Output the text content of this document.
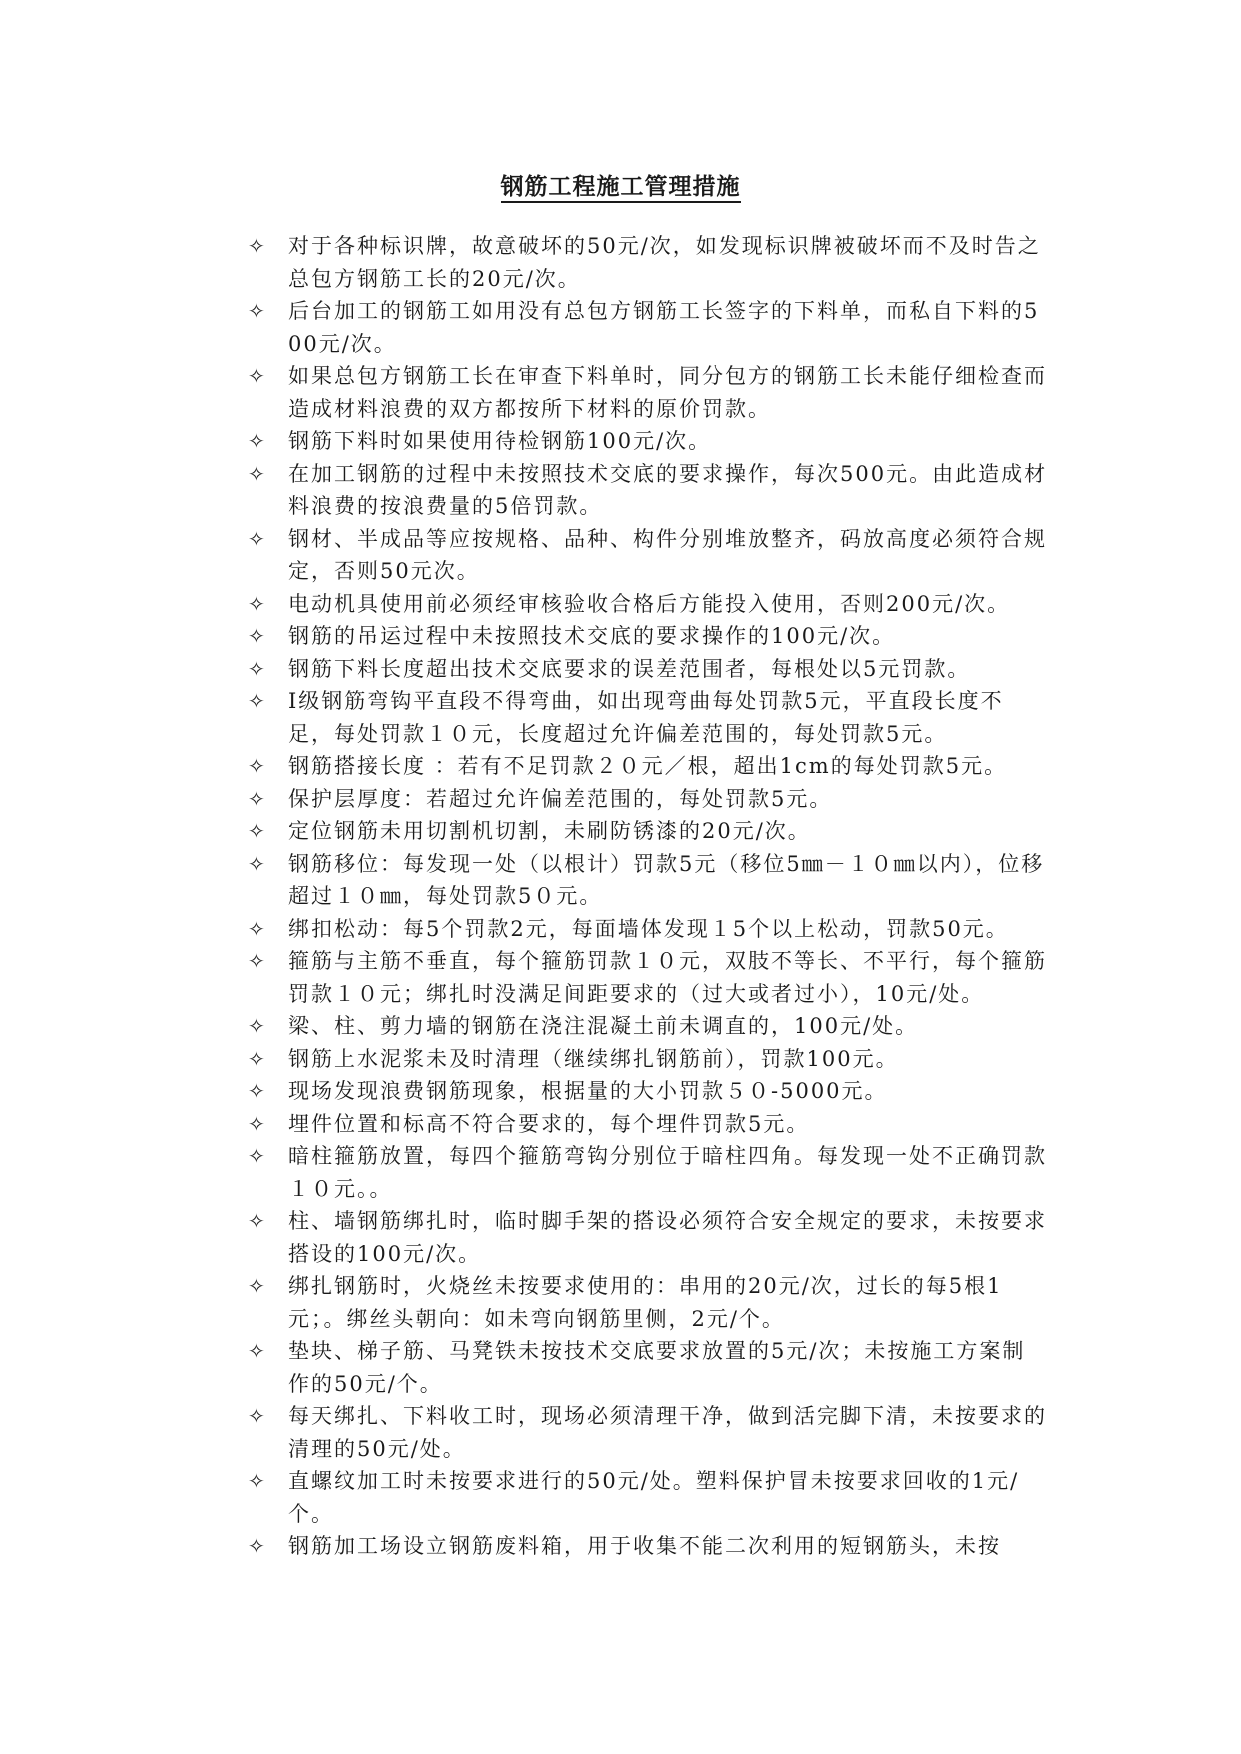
钢筋工程施工管理措施
✧ 对于各种标识牌，故意破坏的50元/次，如发现标识牌被破坏而不及时告之总包方钢筋工长的20元/次。
✧ 后台加工的钢筋工如用没有总包方钢筋工长签字的下料单，而私自下料的500元/次。
✧ 如果总包方钢筋工长在审查下料单时，同分包方的钢筋工长未能仔细检查而造成材料浪费的双方都按所下材料的原价罚款。
✧ 钢筋下料时如果使用待检钢筋100元/次。
✧ 在加工钢筋的过程中未按照技术交底的要求操作，每次500元。由此造成材料浪费的按浪费量的5倍罚款。
✧ 钢材、半成品等应按规格、品种、构件分别堆放整齐，码放高度必须符合规定，否则50元次。
✧ 电动机具使用前必须经审核验收合格后方能投入使用，否则200元/次。
✧ 钢筋的吊运过程中未按照技术交底的要求操作的100元/次。
✧ 钢筋下料长度超出技术交底要求的误差范围者，每根处以5元罚款。
✧ Ⅰ级钢筋弯钩平直段不得弯曲，如出现弯曲每处罚款5元，平直段长度不足，每处罚款１０元，长度超过允许偏差范围的，每处罚款5元。
✧ 钢筋搭接长度 ：若有不足罚款２０元／根，超出1cm的每处罚款5元。
✧ 保护层厚度：若超过允许偏差范围的，每处罚款5元。
✧ 定位钢筋未用切割机切割，未刷防锈漆的20元/次。
✧ 钢筋移位：每发现一处（以根计）罚款5元（移位5㎜－１０㎜以内），位移超过１０㎜，每处罚款5０元。
✧ 绑扣松动：每5个罚款2元，每面墙体发现１5个以上松动，罚款50元。
✧ 箍筋与主筋不垂直，每个箍筋罚款１０元，双肢不等长、不平行，每个箍筋罚款１０元；绑扎时没满足间距要求的（过大或者过小），10元/处。
✧ 梁、柱、剪力墙的钢筋在浇注混凝土前未调直的，100元/处。
✧ 钢筋上水泥浆未及时清理（继续绑扎钢筋前），罚款100元。
✧ 现场发现浪费钢筋现象，根据量的大小罚款５０-5000元。
✧ 埋件位置和标高不符合要求的，每个埋件罚款5元。
✧ 暗柱箍筋放置，每四个箍筋弯钩分别位于暗柱四角。每发现一处不正确罚款１０元。。
✧ 柱、墙钢筋绑扎时，临时脚手架的搭设必须符合安全规定的要求，未按要求搭设的100元/次。
✧ 绑扎钢筋时，火烧丝未按要求使用的：串用的20元/次，过长的每5根1元；。绑丝头朝向：如未弯向钢筋里侧，2元/个。
✧ 垫块、梯子筋、马凳铁未按技术交底要求放置的5元/次；未按施工方案制作的50元/个。
✧ 每天绑扎、下料收工时，现场必须清理干净，做到活完脚下清，未按要求的清理的50元/处。
✧ 直螺纹加工时未按要求进行的50元/处。塑料保护冒未按要求回收的1元/个。
✧ 钢筋加工场设立钢筋废料箱，用于收集不能二次利用的短钢筋头，未按
